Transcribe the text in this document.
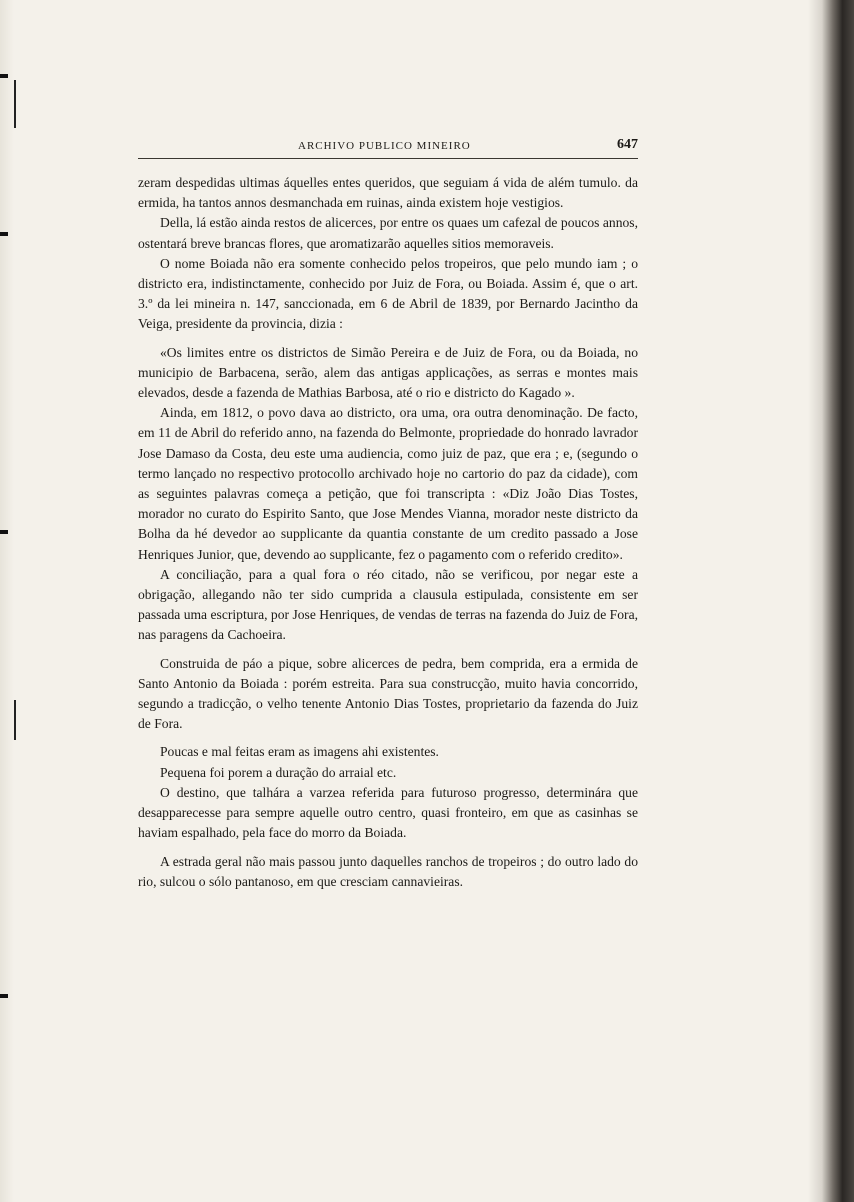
ARCHIVO PUBLICO MINEIRO	647

zeram despedidas ultimas áquelles entes queridos, que seguiam á vida de além tumulo. da ermida, ha tantos annos desmanchada em ruinas, ainda existem hoje vestigios.

Della, lá estão ainda restos de alicerces, por entre os quaes um cafezal de poucos annos, ostentará breve brancas flores, que aromatizarão aquelles sitios memoraveis.

O nome Boiada não era somente conhecido pelos tropeiros, que pelo mundo iam ; o districto era, indistinctamente, conhecido por Juiz de Fora, ou Boiada. Assim é, que o art. 3.º da lei mineira n. 147, sanccionada, em 6 de Abril de 1839, por Bernardo Jacintho da Veiga, presidente da provincia, dizia :

«Os limites entre os districtos de Simão Pereira e de Juiz de Fora, ou da Boiada, no municipio de Barbacena, serão, alem das antigas applicações, as serras e montes mais elevados, desde a fazenda de Mathias Barbosa, até o rio e districto do Kagado ».

Ainda, em 1812, o povo dava ao districto, ora uma, ora outra denominação. De facto, em 11 de Abril do referido anno, na fazenda do Belmonte, propriedade do honrado lavrador Jose Damaso da Costa, deu este uma audiencia, como juiz de paz, que era ; e, (segundo o termo lançado no respectivo protocollo archivado hoje no cartorio do paz da cidade), com as seguintes palavras começa a petição, que foi transcripta : «Diz João Dias Tostes, morador no curato do Espirito Santo, que Jose Mendes Vianna, morador neste districto da Bolha da hé devedor ao supplicante da quantia constante de um credito passado a Jose Henriques Junior, que, devendo ao supplicante, fez o pagamento com o referido credito».

A conciliação, para a qual fora o réo citado, não se verificou, por negar este a obrigação, allegando não ter sido cumprida a clausula estipulada, consistente em ser passada uma escriptura, por Jose Henriques, de vendas de terras na fazenda do Juiz de Fora, nas paragens da Cachoeira.

Construida de páo a pique, sobre alicerces de pedra, bem comprida, era a ermida de Santo Antonio da Boiada : porém estreita. Para sua construcção, muito havia concorrido, segundo a tradicção, o velho tenente Antonio Dias Tostes, proprietario da fazenda do Juiz de Fora.

Poucas e mal feitas eram as imagens ahi existentes.

Pequena foi porem a duração do arraial etc.

O destino, que talhára a varzea referida para futuroso progresso, determinára que desapparecesse para sempre aquelle outro centro, quasi fronteiro, em que as casinhas se haviam espalhado, pela face do morro da Boiada.

A estrada geral não mais passou junto daquelles ranchos de tropeiros ; do outro lado do rio, sulcou o sólo pantanoso, em que cresciam cannavieiras.
